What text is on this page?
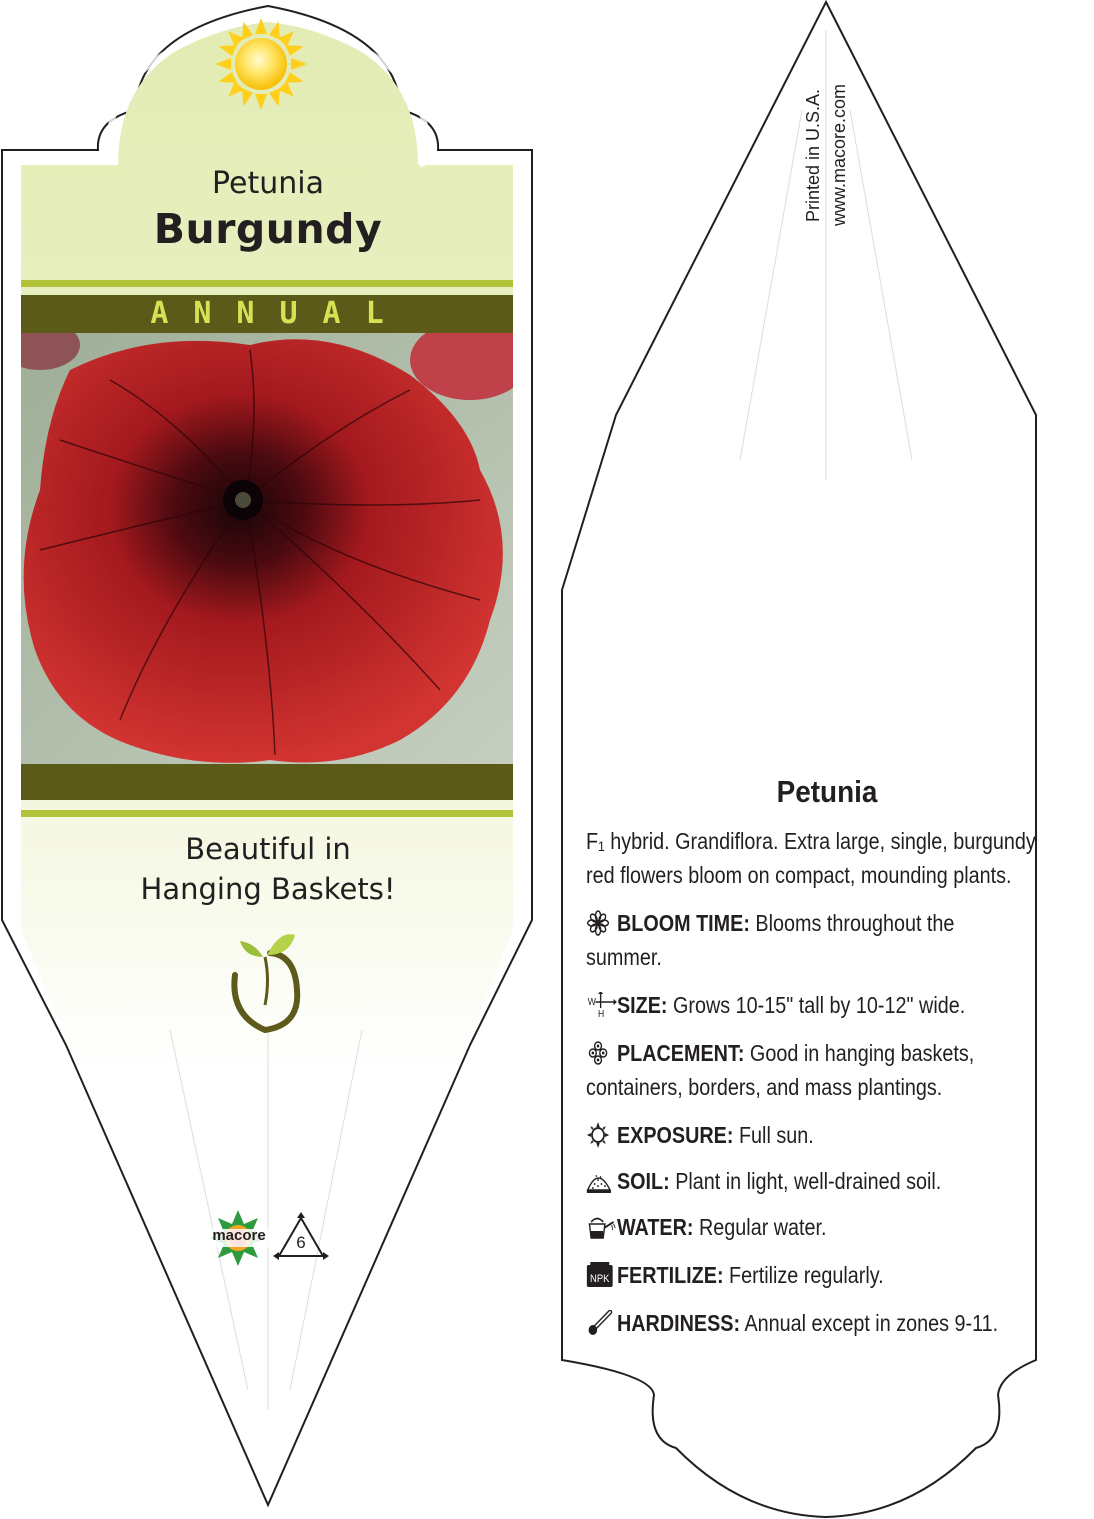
Petunia
Burgundy
ANNUAL
Beautiful in
Hanging Baskets!
macore	6
Printed in U.S.A. www.macore.com
Petunia
F₁ hybrid. Grandiflora. Extra large, single, burgundy
red flowers bloom on compact, mounding plants.
BLOOM TIME: Blooms throughout the
summer.
W
H SIZE: Grows 10-15" tall by 10-12" wide.
PLACEMENT: Good in hanging baskets,
containers, borders, and mass plantings.
EXPOSURE: Full sun.
SOIL: Plant in light, well-drained soil.
WATER: Regular water.
NPK FERTILIZE: Fertilize regularly.
HARDINESS: Annual except in zones 9-11.
